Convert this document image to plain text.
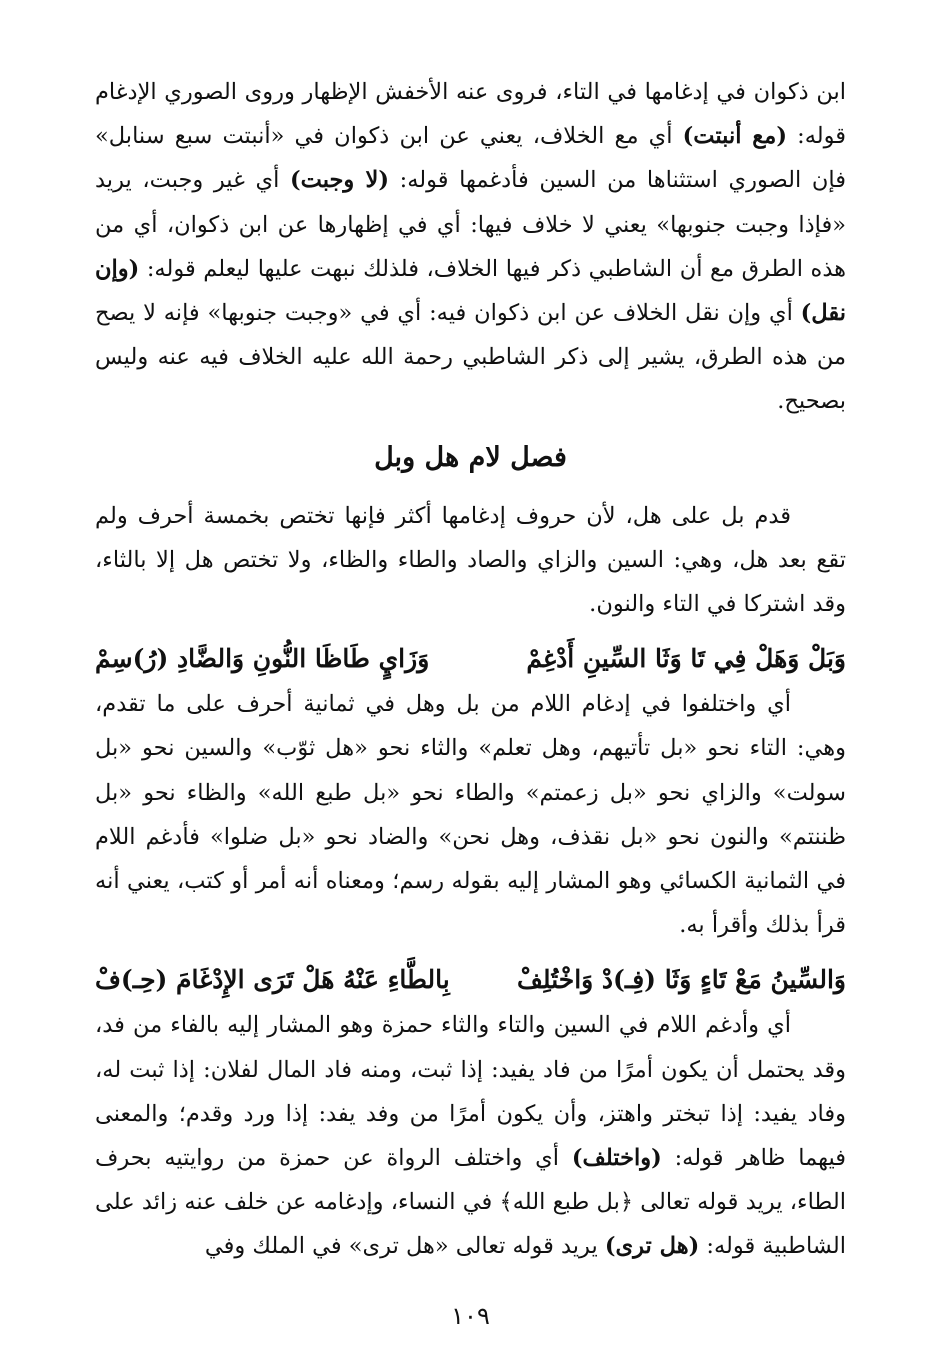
ابن ذكوان في إدغامها في التاء، فروى عنه الأخفش الإظهار وروى الصوري الإدغام قوله: (مع أنبتت) أي مع الخلاف، يعني عن ابن ذكوان في «أنبتت سبع سنابل» فإن الصوري استثناها من السين فأدغمها قوله: (لا وجبت) أي غير وجبت، يريد «فإذا وجبت جنوبها» يعني لا خلاف فيها: أي في إظهارها عن ابن ذكوان، أي من هذه الطرق مع أن الشاطبي ذكر فيها الخلاف، فلذلك نبهت عليها ليعلم قوله: (وإن نقل) أي وإن نقل الخلاف عن ابن ذكوان فيه: أي في «وجبت جنوبها» فإنه لا يصح من هذه الطرق، يشير إلى ذكر الشاطبي رحمة الله عليه الخلاف فيه عنه وليس بصحيح.

فصل لام هل وبل

قدم بل على هل، لأن حروف إدغامها أكثر فإنها تختص بخمسة أحرف ولم تقع بعد هل، وهي: السين والزاي والصاد والطاء والظاء، ولا تختص هل إلا بالثاء، وقد اشتركا في التاء والنون.

وَبَلْ وَهَلْ فِي تَا وَثَا السِّينِ أَدْغِمْ
وَزَايٍ طَاظَا النُّونِ وَالضَّادِ (رُ)سِمْ

أي واختلفوا في إدغام اللام من بل وهل في ثمانية أحرف على ما تقدم، وهي: التاء نحو «بل تأتيهم، وهل تعلم» والثاء نحو «هل ثوّب» والسين نحو «بل سولت» والزاي نحو «بل زعمتم» والطاء نحو «بل طبع الله» والظاء نحو «بل ظننتم» والنون نحو «بل نقذف، وهل نحن» والضاد نحو «بل ضلوا» فأدغم اللام في الثمانية الكسائي وهو المشار إليه بقوله رسم؛ ومعناه أنه أمر أو كتب، يعني أنه قرأ بذلك وأقرأ به.

وَالسِّينُ مَعْ تَاءٍ وَثَا (فِـ)دْ وَاخْتُلِفْ
بِالطَّاءِ عَنْهُ هَلْ تَرَى الإِدْغَامَ (حِـ)فْ

أي وأدغم اللام في السين والتاء والثاء حمزة وهو المشار إليه بالفاء من فد، وقد يحتمل أن يكون أمرًا من فاد يفيد: إذا ثبت، ومنه فاد المال لفلان: إذا ثبت له، وفاد يفيد: إذا تبختر واهتز، وأن يكون أمرًا من وفد يفد: إذا ورد وقدم؛ والمعنى فيهما ظاهر قوله: (واختلف) أي واختلف الرواة عن حمزة من روايتيه بحرف الطاء، يريد قوله تعالى ﴿بل طبع الله﴾ في النساء، وإدغامه عن خلف عنه زائد على الشاطبية قوله: (هل ترى) يريد قوله تعالى «هل ترى» في الملك وفي

١٠٩
